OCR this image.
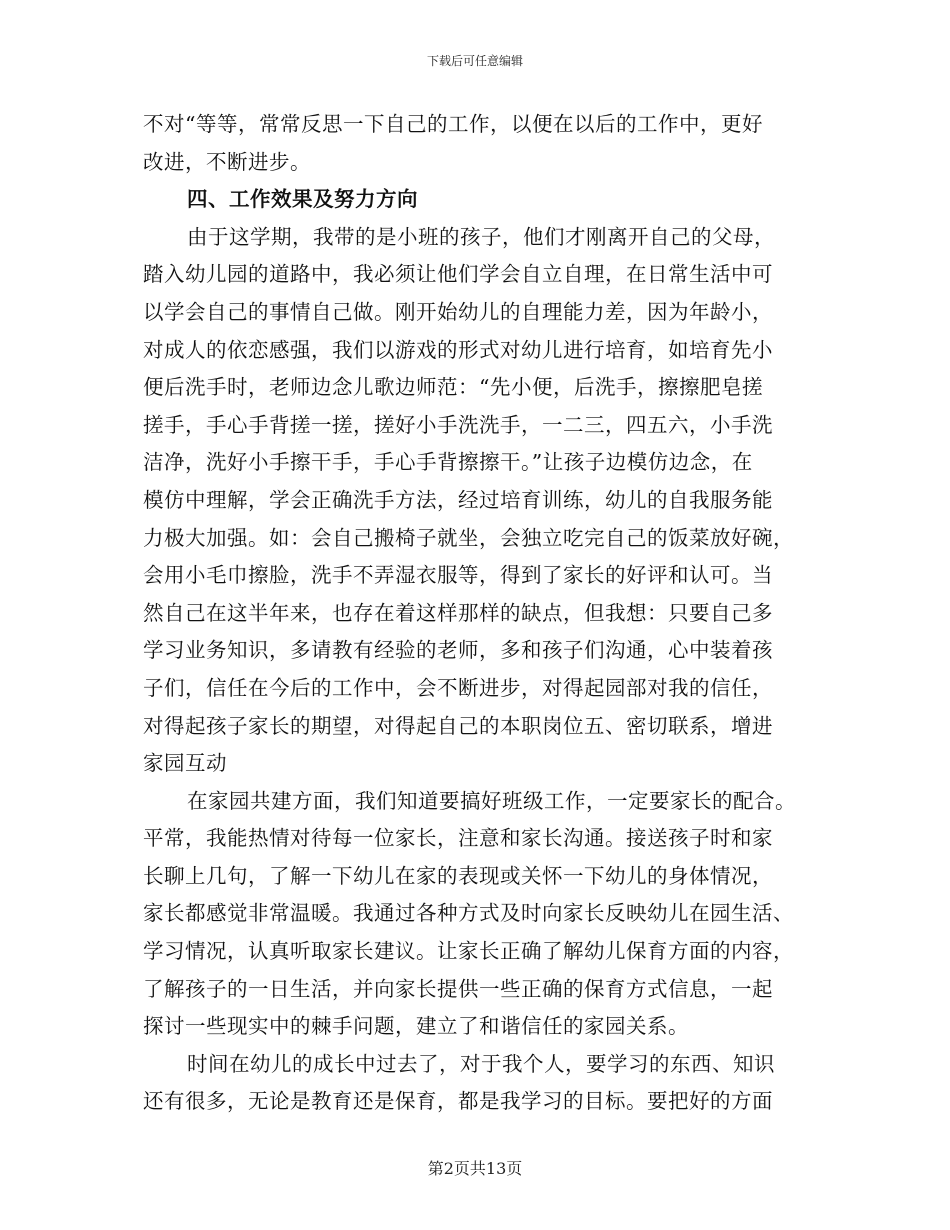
下载后可任意编辑
不对“等等，常常反思一下自己的工作，以便在以后的工作中，更好
改进，不断进步。
四、工作效果及努力方向
由于这学期，我带的是小班的孩子，他们才刚离开自己的父母，
踏入幼儿园的道路中，我必须让他们学会自立自理，在日常生活中可
以学会自己的事情自己做。刚开始幼儿的自理能力差，因为年龄小，
对成人的依恋感强，我们以游戏的形式对幼儿进行培育，如培育先小
便后洗手时，老师边念儿歌边师范：“先小便，后洗手，擦擦肥皂搓
搓手，手心手背搓一搓，搓好小手洗洗手，一二三，四五六，小手洗
洁净，洗好小手擦干手，手心手背擦擦干。”让孩子边模仿边念，在
模仿中理解，学会正确洗手方法，经过培育训练，幼儿的自我服务能
力极大加强。如：会自己搬椅子就坐，会独立吃完自己的饭菜放好碗，
会用小毛巾擦脸，洗手不弄湿衣服等，得到了家长的好评和认可。当
然自己在这半年来，也存在着这样那样的缺点，但我想：只要自己多
学习业务知识，多请教有经验的老师，多和孩子们沟通，心中装着孩
子们，信任在今后的工作中，会不断进步，对得起园部对我的信任，
对得起孩子家长的期望，对得起自己的本职岗位五、密切联系，增进
家园互动
在家园共建方面，我们知道要搞好班级工作，一定要家长的配合。
平常，我能热情对待每一位家长，注意和家长沟通。接送孩子时和家
长聊上几句，了解一下幼儿在家的表现或关怀一下幼儿的身体情况，
家长都感觉非常温暖。我通过各种方式及时向家长反映幼儿在园生活、
学习情况，认真听取家长建议。让家长正确了解幼儿保育方面的内容，
了解孩子的一日生活，并向家长提供一些正确的保育方式信息，一起
探讨一些现实中的棘手问题，建立了和谐信任的家园关系。
时间在幼儿的成长中过去了，对于我个人，要学习的东西、知识
还有很多，无论是教育还是保育，都是我学习的目标。要把好的方面
第2页共13页
